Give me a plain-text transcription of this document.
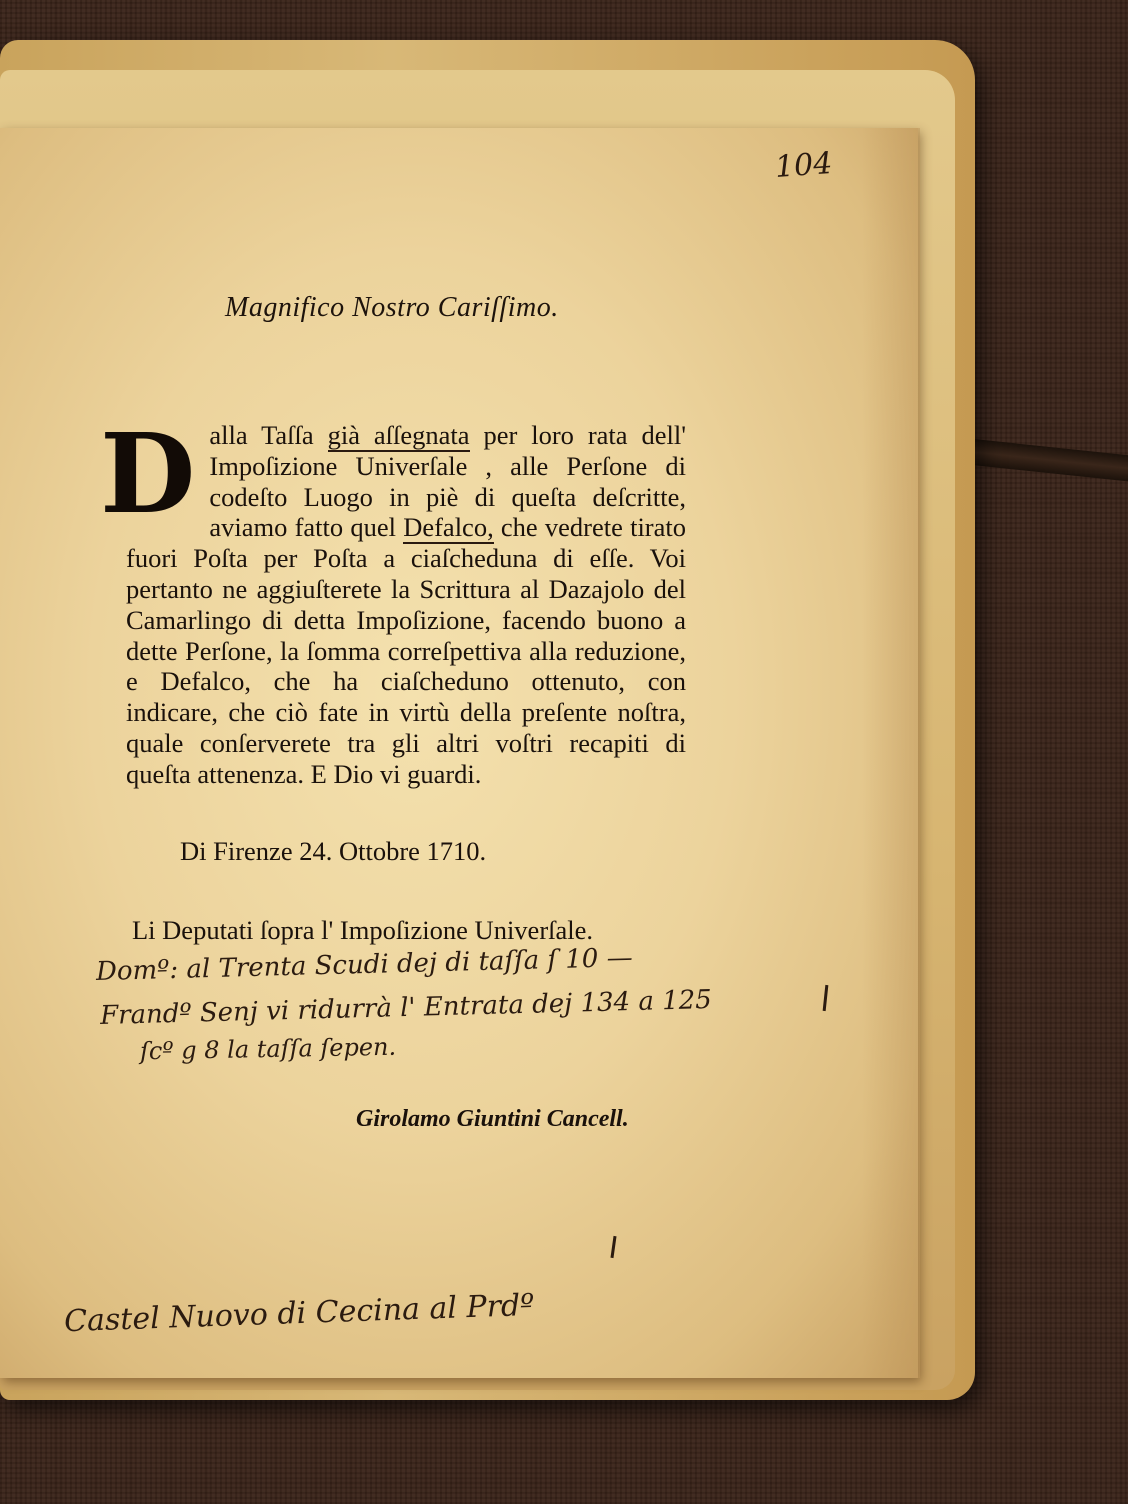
104
Magnifico Nostro Cariſſimo.
Dalla Taſſa già aſſegnata per loro rata dell' Impoſizione Univerſale , alle Perſone di codeſto Luogo in piè di queſta deſcritte, aviamo fatto quel Defalco, che vedrete tirato fuori Poſta per Poſta a ciaſcheduna di eſſe. Voi pertanto ne aggiuſterete la Scrittura al Dazajolo del Camarlingo di detta Impoſizione, facendo buono a dette Perſone, la ſomma correſpettiva alla reduzione, e Defalco, che ha ciaſcheduno ottenuto, con indicare, che ciò fate in virtù della preſente noſtra, quale conſerverete tra gli altri voſtri recapiti di queſta attenenza. E Dio vi guardi.
Di Firenze 24. Ottobre 1710.
Li Deputati ſopra l' Impoſizione Univerſale.
Domº: al Trenta Scudi dej di taſſa ſ 10 —
Frandº Senj vi ridurrà l' Entrata dej 134 a 125
ſcº g 8 la taſſa ſepen.
Girolamo Giuntini Cancell.
Castel Nuovo di Cecina al Prdº
